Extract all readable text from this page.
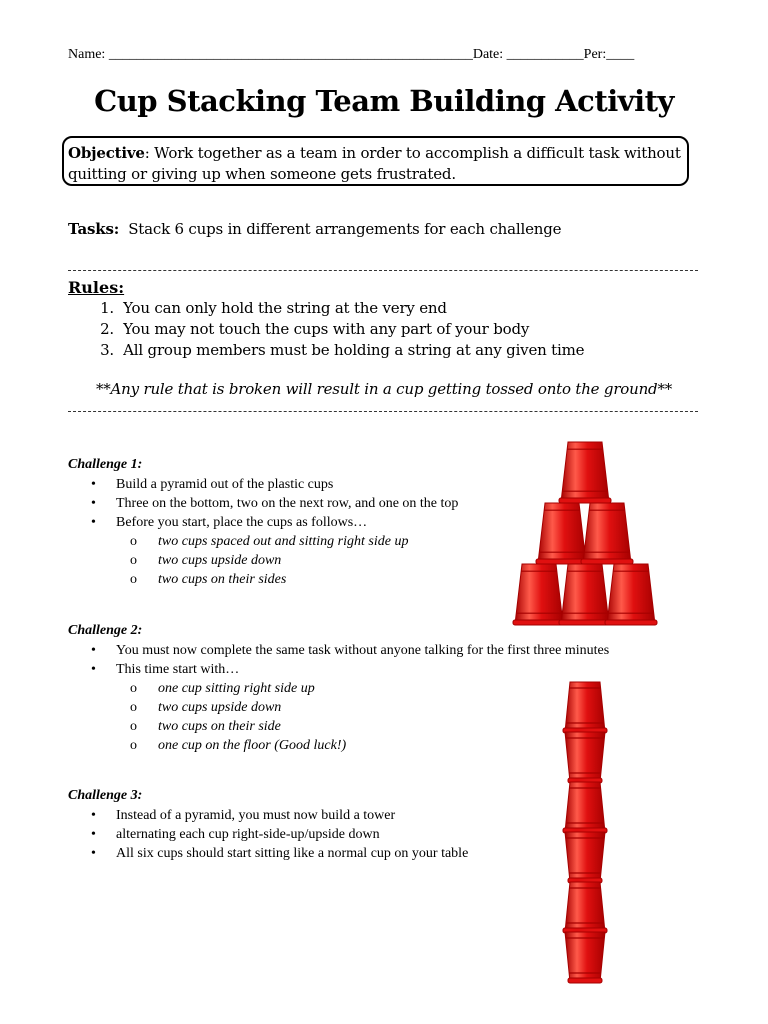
Name: ____________________________________________________Date: ___________Per:____
Cup Stacking Team Building Activity
Objective: Work together as a team in order to accomplish a difficult task without quitting or giving up when someone gets frustrated.
Tasks: Stack 6 cups in different arrangements for each challenge
Rules:
1. You can only hold the string at the very end
2. You may not touch the cups with any part of your body
3. All group members must be holding a string at any given time
**Any rule that is broken will result in a cup getting tossed onto the ground**
Challenge 1:
• Build a pyramid out of the plastic cups
• Three on the bottom, two on the next row, and one on the top
• Before you start, place the cups as follows…
o two cups spaced out and sitting right side up
o two cups upside down
o two cups on their sides
Challenge 2:
• You must now complete the same task without anyone talking for the first three minutes
• This time start with…
o one cup sitting right side up
o two cups upside down
o two cups on their side
o one cup on the floor (Good luck!)
Challenge 3:
• Instead of a pyramid, you must now build a tower
• alternating each cup right-side-up/upside down
• All six cups should start sitting like a normal cup on your table
